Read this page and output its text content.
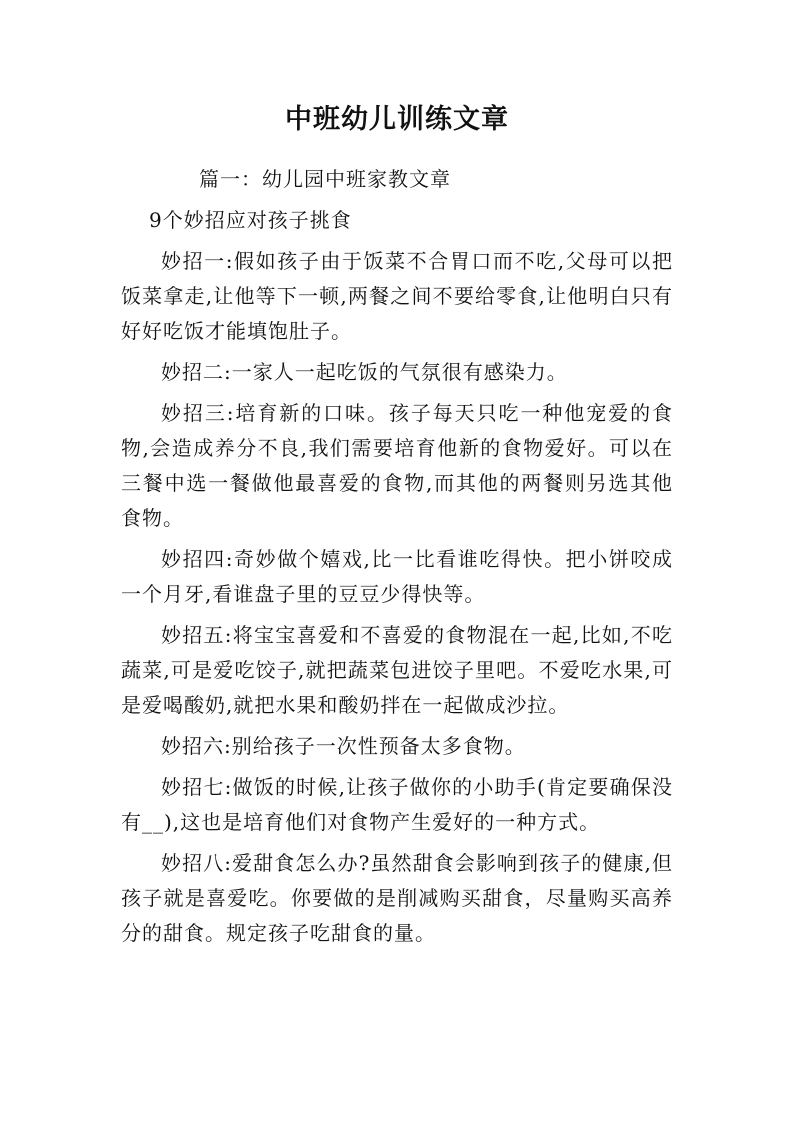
中班幼儿训练文章

篇一：幼儿园中班家教文章

9个妙招应对孩子挑食

妙招一:假如孩子由于饭菜不合胃口而不吃,父母可以把饭菜拿走,让他等下一顿,两餐之间不要给零食,让他明白只有好好吃饭才能填饱肚子。

妙招二:一家人一起吃饭的气氛很有感染力。

妙招三:培育新的口味。孩子每天只吃一种他宠爱的食物,会造成养分不良,我们需要培育他新的食物爱好。可以在三餐中选一餐做他最喜爱的食物,而其他的两餐则另选其他食物。

妙招四:奇妙做个嬉戏,比一比看谁吃得快。把小饼咬成一个月牙,看谁盘子里的豆豆少得快等。

妙招五:将宝宝喜爱和不喜爱的食物混在一起,比如,不吃蔬菜,可是爱吃饺子,就把蔬菜包进饺子里吧。不爱吃水果,可是爱喝酸奶,就把水果和酸奶拌在一起做成沙拉。

妙招六:别给孩子一次性预备太多食物。

妙招七:做饭的时候,让孩子做你的小助手(肯定要确保没有__),这也是培育他们对食物产生爱好的一种方式。

妙招八:爱甜食怎么办?虽然甜食会影响到孩子的健康,但孩子就是喜爱吃。你要做的是削减购买甜食，尽量购买高养分的甜食。规定孩子吃甜食的量。
